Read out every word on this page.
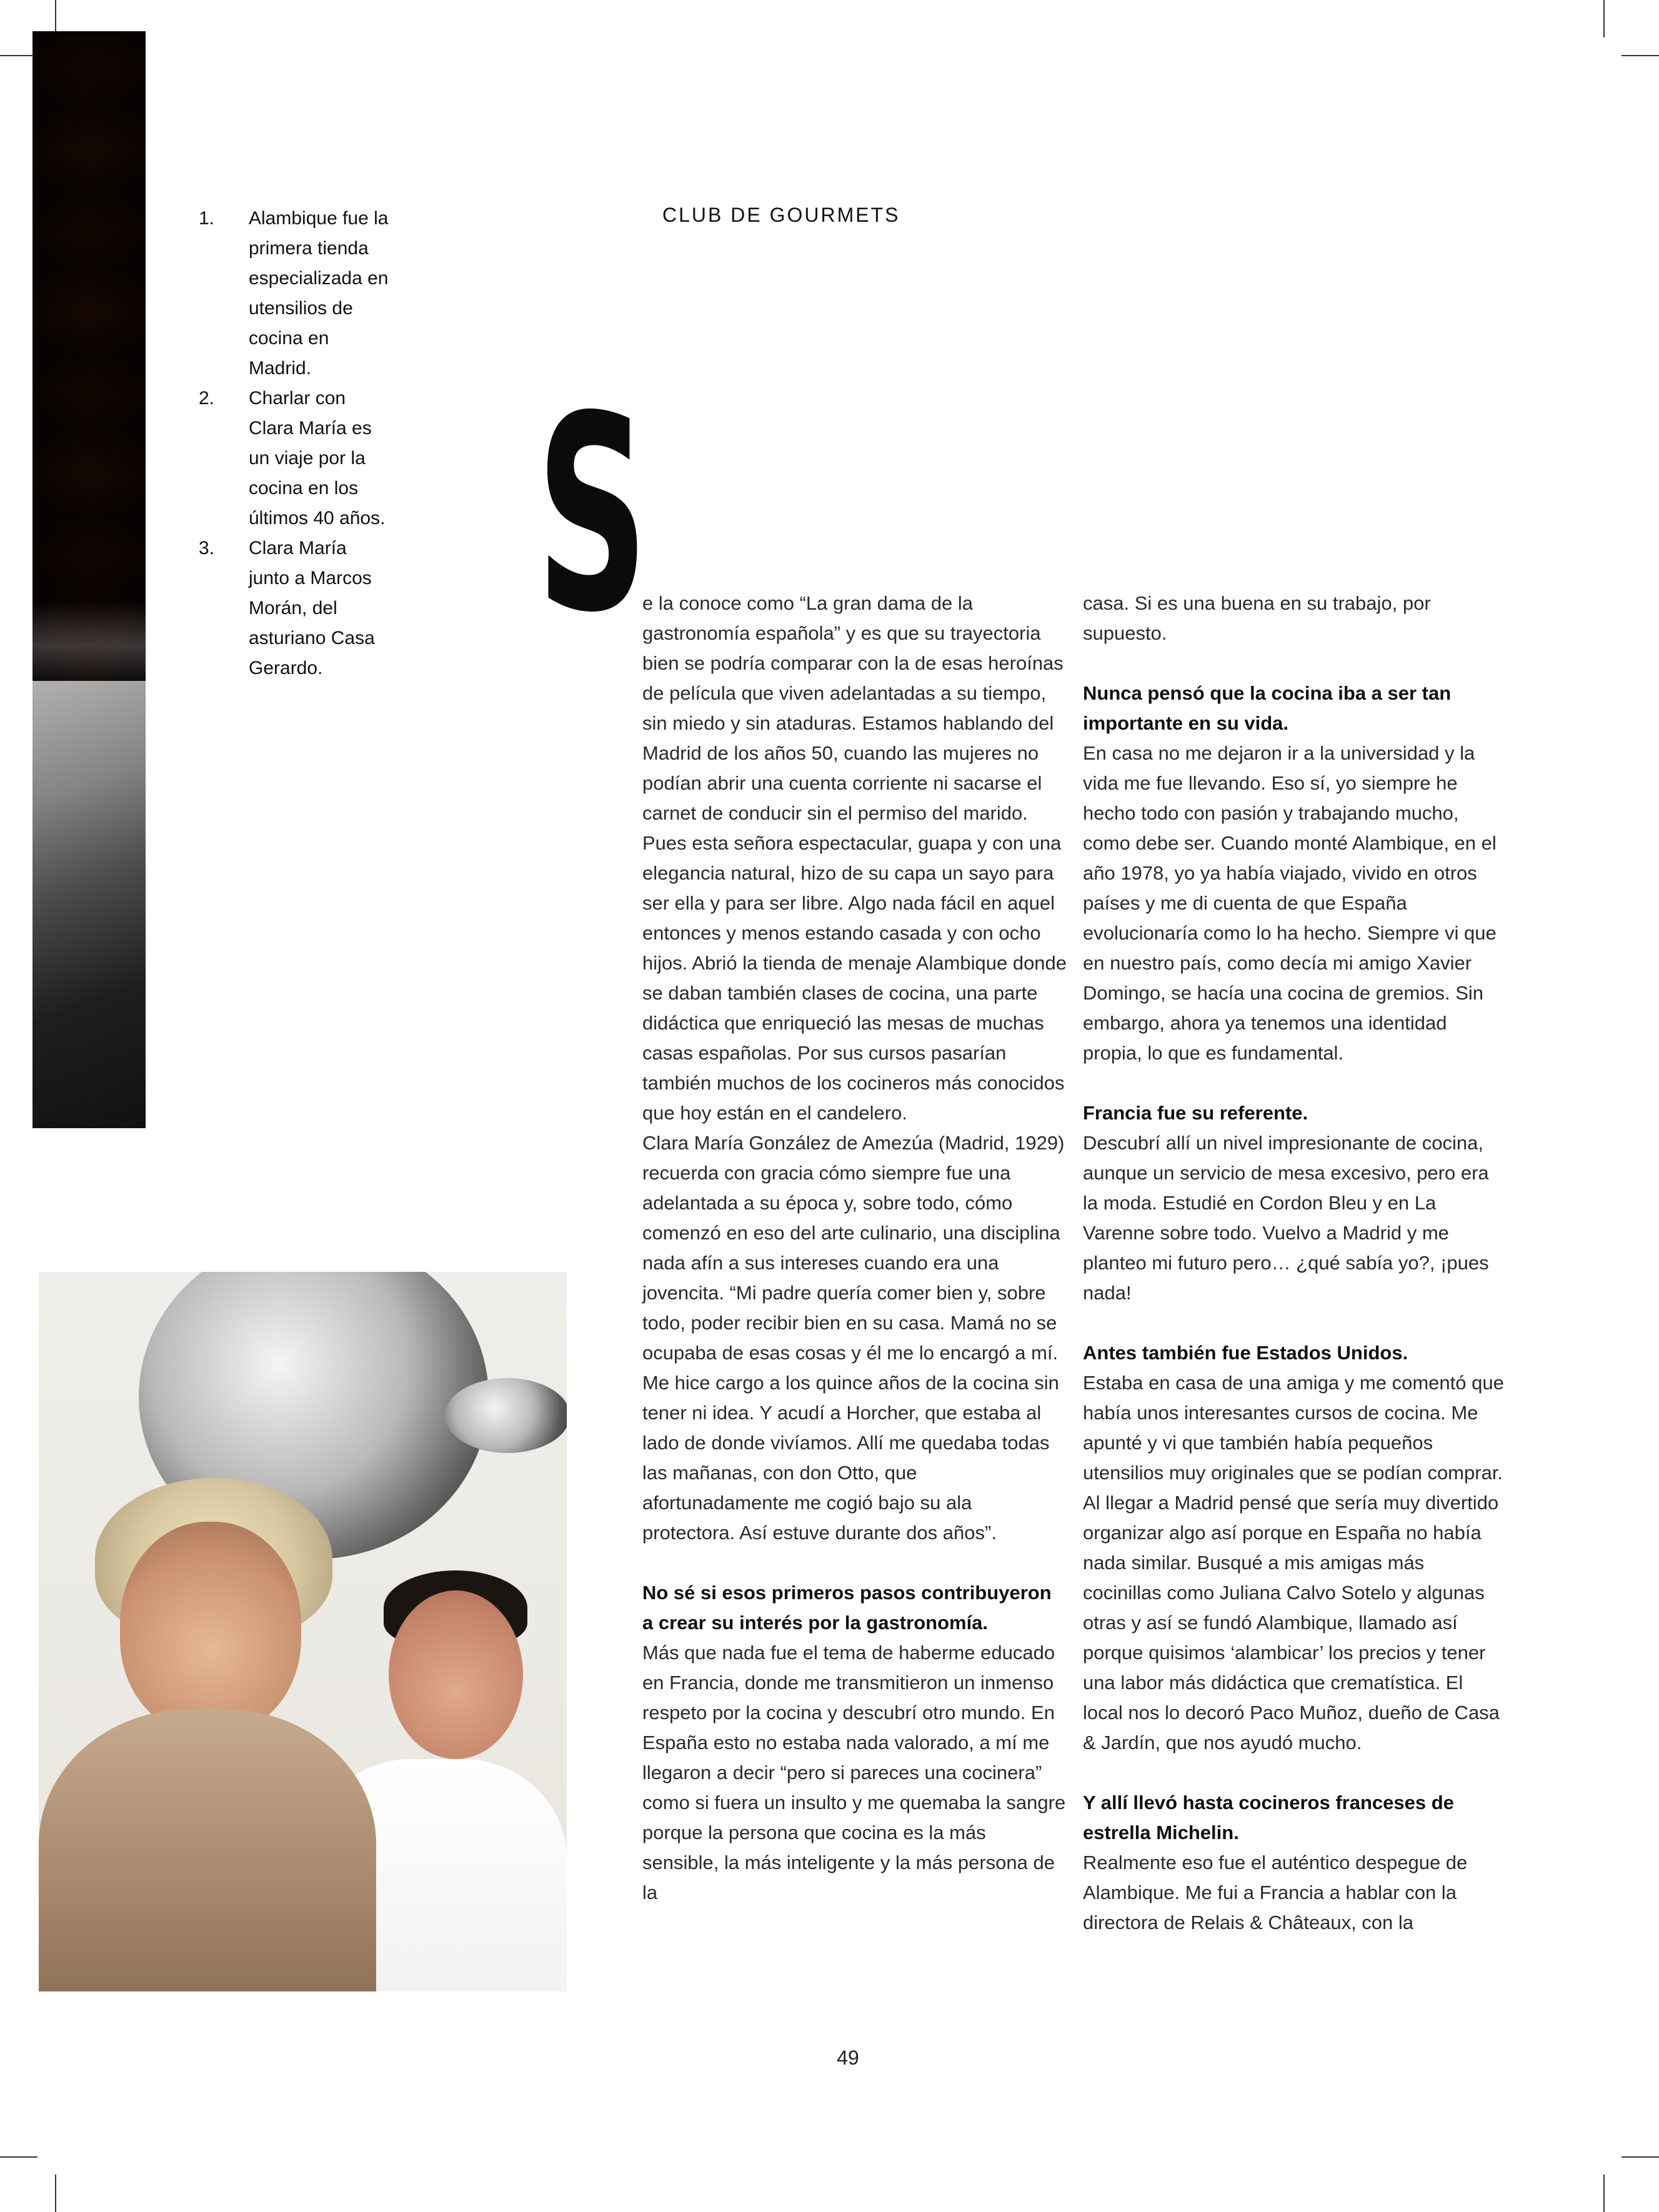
1.	Alambique fue la primera tienda especializada en utensilios de cocina en Madrid.
2.	Charlar con Clara María es un viaje por la cocina en los últimos 40 años.
3.	Clara María junto a Marcos Morán, del asturiano Casa Gerardo.
CLUB DE GOURMETS
S

e la conoce como “La gran dama de la gastronomía española” y es que su trayectoria bien se podría comparar con la de esas heroínas de película que viven adelantadas a su tiempo, sin miedo y sin ataduras. Estamos hablando del Madrid de los años 50, cuando las mujeres no podían abrir una cuenta corriente ni sacarse el carnet de conducir sin el permiso del marido. Pues esta señora espectacular, guapa y con una elegancia natural, hizo de su capa un sayo para ser ella y para ser libre. Algo nada fácil en aquel entonces y menos estando casada y con ocho hijos. Abrió la tienda de menaje Alambique donde se daban también clases de cocina, una parte didáctica que enriqueció las mesas de muchas casas españolas. Por sus cursos pasarían también muchos de los cocineros más conocidos que hoy están en el candelero.

Clara María González de Amezúa (Madrid, 1929) recuerda con gracia cómo siempre fue una adelantada a su época y, sobre todo, cómo comenzó en eso del arte culinario, una disciplina nada afín a sus intereses cuando era una jovencita. “Mi padre quería comer bien y, sobre todo, poder recibir bien en su casa. Mamá no se ocupaba de esas cosas y él me lo encargó a mí. Me hice cargo a los quince años de la cocina sin tener ni idea. Y acudí a Horcher, que estaba al lado de donde vivíamos. Allí me quedaba todas las mañanas, con don Otto, que afortunadamente me cogió bajo su ala protectora. Así estuve durante dos años”.

No sé si esos primeros pasos contribuyeron a crear su interés por la gastronomía.

Más que nada fue el tema de haberme educado en Francia, donde me transmitieron un inmenso respeto por la cocina y descubrí otro mundo. En España esto no estaba nada valorado, a mí me llegaron a decir “pero si pareces una cocinera” como si fuera un insulto y me quemaba la sangre porque la persona que cocina es la más sensible, la más inteligente y la más persona de la

casa. Si es una buena en su trabajo, por supuesto.

Nunca pensó que la cocina iba a ser tan importante en su vida.

En casa no me dejaron ir a la universidad y la vida me fue llevando. Eso sí, yo siempre he hecho todo con pasión y trabajando mucho, como debe ser. Cuando monté Alambique, en el año 1978, yo ya había viajado, vivido en otros países y me di cuenta de que España evolucionaría como lo ha hecho. Siempre vi que en nuestro país, como decía mi amigo Xavier Domingo, se hacía una cocina de gremios. Sin embargo, ahora ya tenemos una identidad propia, lo que es fundamental.

Francia fue su referente.

Descubrí allí un nivel impresionante de cocina, aunque un servicio de mesa excesivo, pero era la moda. Estudié en Cordon Bleu y en La Varenne sobre todo. Vuelvo a Madrid y me planteo mi futuro pero… ¿qué sabía yo?, ¡pues nada!

Antes también fue Estados Unidos.

Estaba en casa de una amiga y me comentó que había unos interesantes cursos de cocina. Me apunté y vi que también había pequeños utensilios muy originales que se podían comprar. Al llegar a Madrid pensé que sería muy divertido organizar algo así porque en España no había nada similar. Busqué a mis amigas más cocinillas como Juliana Calvo Sotelo y algunas otras y así se fundó Alambique, llamado así porque quisimos ‘alambicar’ los precios y tener una labor más didáctica que crematística. El local nos lo decoró Paco Muñoz, dueño de Casa & Jardín, que nos ayudó mucho.

Y allí llevó hasta cocineros franceses de estrella Michelin.

Realmente eso fue el auténtico despegue de Alambique. Me fui a Francia a hablar con la directora de Relais & Châteaux, con la

49
